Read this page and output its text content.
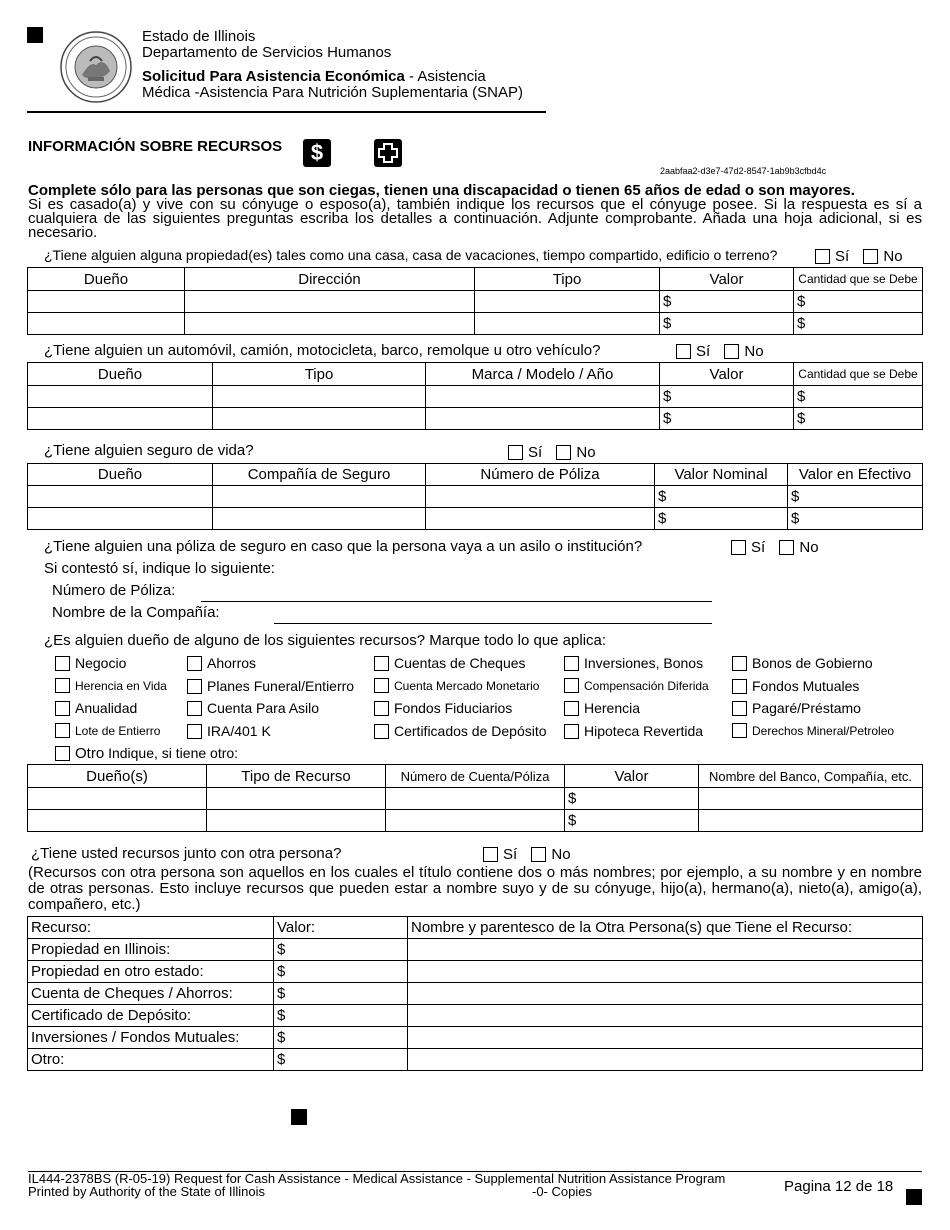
Estado de Illinois
Departamento de Servicios Humanos
Solicitud Para Asistencia Económica - Asistencia
Médica -Asistencia Para Nutrición Suplementaria (SNAP)
INFORMACIÓN SOBRE RECURSOS	$
2aabfaa2-d3e7-47d2-8547-1ab9b3cfbd4c
Complete sólo para las personas que son ciegas, tienen una discapacidad o tienen 65 años de edad o son mayores.
Si es casado(a) y vive con su cónyuge o esposo(a), también indique los recursos que el cónyuge posee. Si la respuesta es sí a cualquiera de las siguientes preguntas escriba los detalles a continuación. Adjunte comprobante. Añada una hoja adicional, si es necesario.
¿Tiene alguien alguna propiedad(es) tales como una casa, casa de vacaciones, tiempo compartido, edificio o terreno?	Sí No
Dueño	Dirección	Tipo	Valor	Cantidad que se Debe
			$	$
			$	$
¿Tiene alguien un automóvil, camión, motocicleta, barco, remolque u otro vehículo?	Sí No
Dueño	Tipo	Marca / Modelo / Año	Valor	Cantidad que se Debe
			$	$
			$	$
¿Tiene alguien seguro de vida?	Sí No
Dueño	Compañía de Seguro	Número de Póliza	Valor Nominal	Valor en Efectivo
			$	$
			$	$
¿Tiene alguien una póliza de seguro en caso que la persona vaya a un asilo o institución?	Sí No
Si contestó sí, indique lo siguiente:
Número de Póliza:
Nombre de la Compañía:
¿Es alguien dueño de alguno de los siguientes recursos? Marque todo lo que aplica:
Negocio
Herencia en Vida
Anualidad
Lote de Entierro
Ahorros
Planes Funeral/Entierro
Cuenta Para Asilo
IRA/401 K
Cuentas de Cheques
Cuenta Mercado Monetario
Fondos Fiduciarios
Certificados de Depósito
Inversiones, Bonos
Compensación Diferida
Herencia
Hipoteca Revertida
Bonos de Gobierno
Fondos Mutuales
Pagaré/Préstamo
Derechos Mineral/Petroleo
Otro Indique, si tiene otro:
Dueño(s)	Tipo de Recurso	Número de Cuenta/Póliza	Valor	Nombre del Banco, Compañía, etc.
			$	
			$	
¿Tiene usted recursos junto con otra persona?	Sí No
(Recursos con otra persona son aquellos en los cuales el título contiene dos o más nombres; por ejemplo, a su nombre y en nombre de otras personas. Esto incluye recursos que pueden estar a nombre suyo y de su cónyuge, hijo(a), hermano(a), nieto(a), amigo(a), compañero, etc.)
Recurso:	Valor:	Nombre y parentesco de la Otra Persona(s) que Tiene el Recurso:
Propiedad en Illinois:	$	
Propiedad en otro estado:	$	
Cuenta de Cheques / Ahorros:	$	
Certificado de Depósito:	$	
Inversiones / Fondos Mutuales:	$	
Otro:	$	
IL444-2378BS (R-05-19) Request for Cash Assistance - Medical Assistance - Supplemental Nutrition Assistance Program
Printed by Authority of the State of Illinois	-0- Copies	Pagina 12 de 18
